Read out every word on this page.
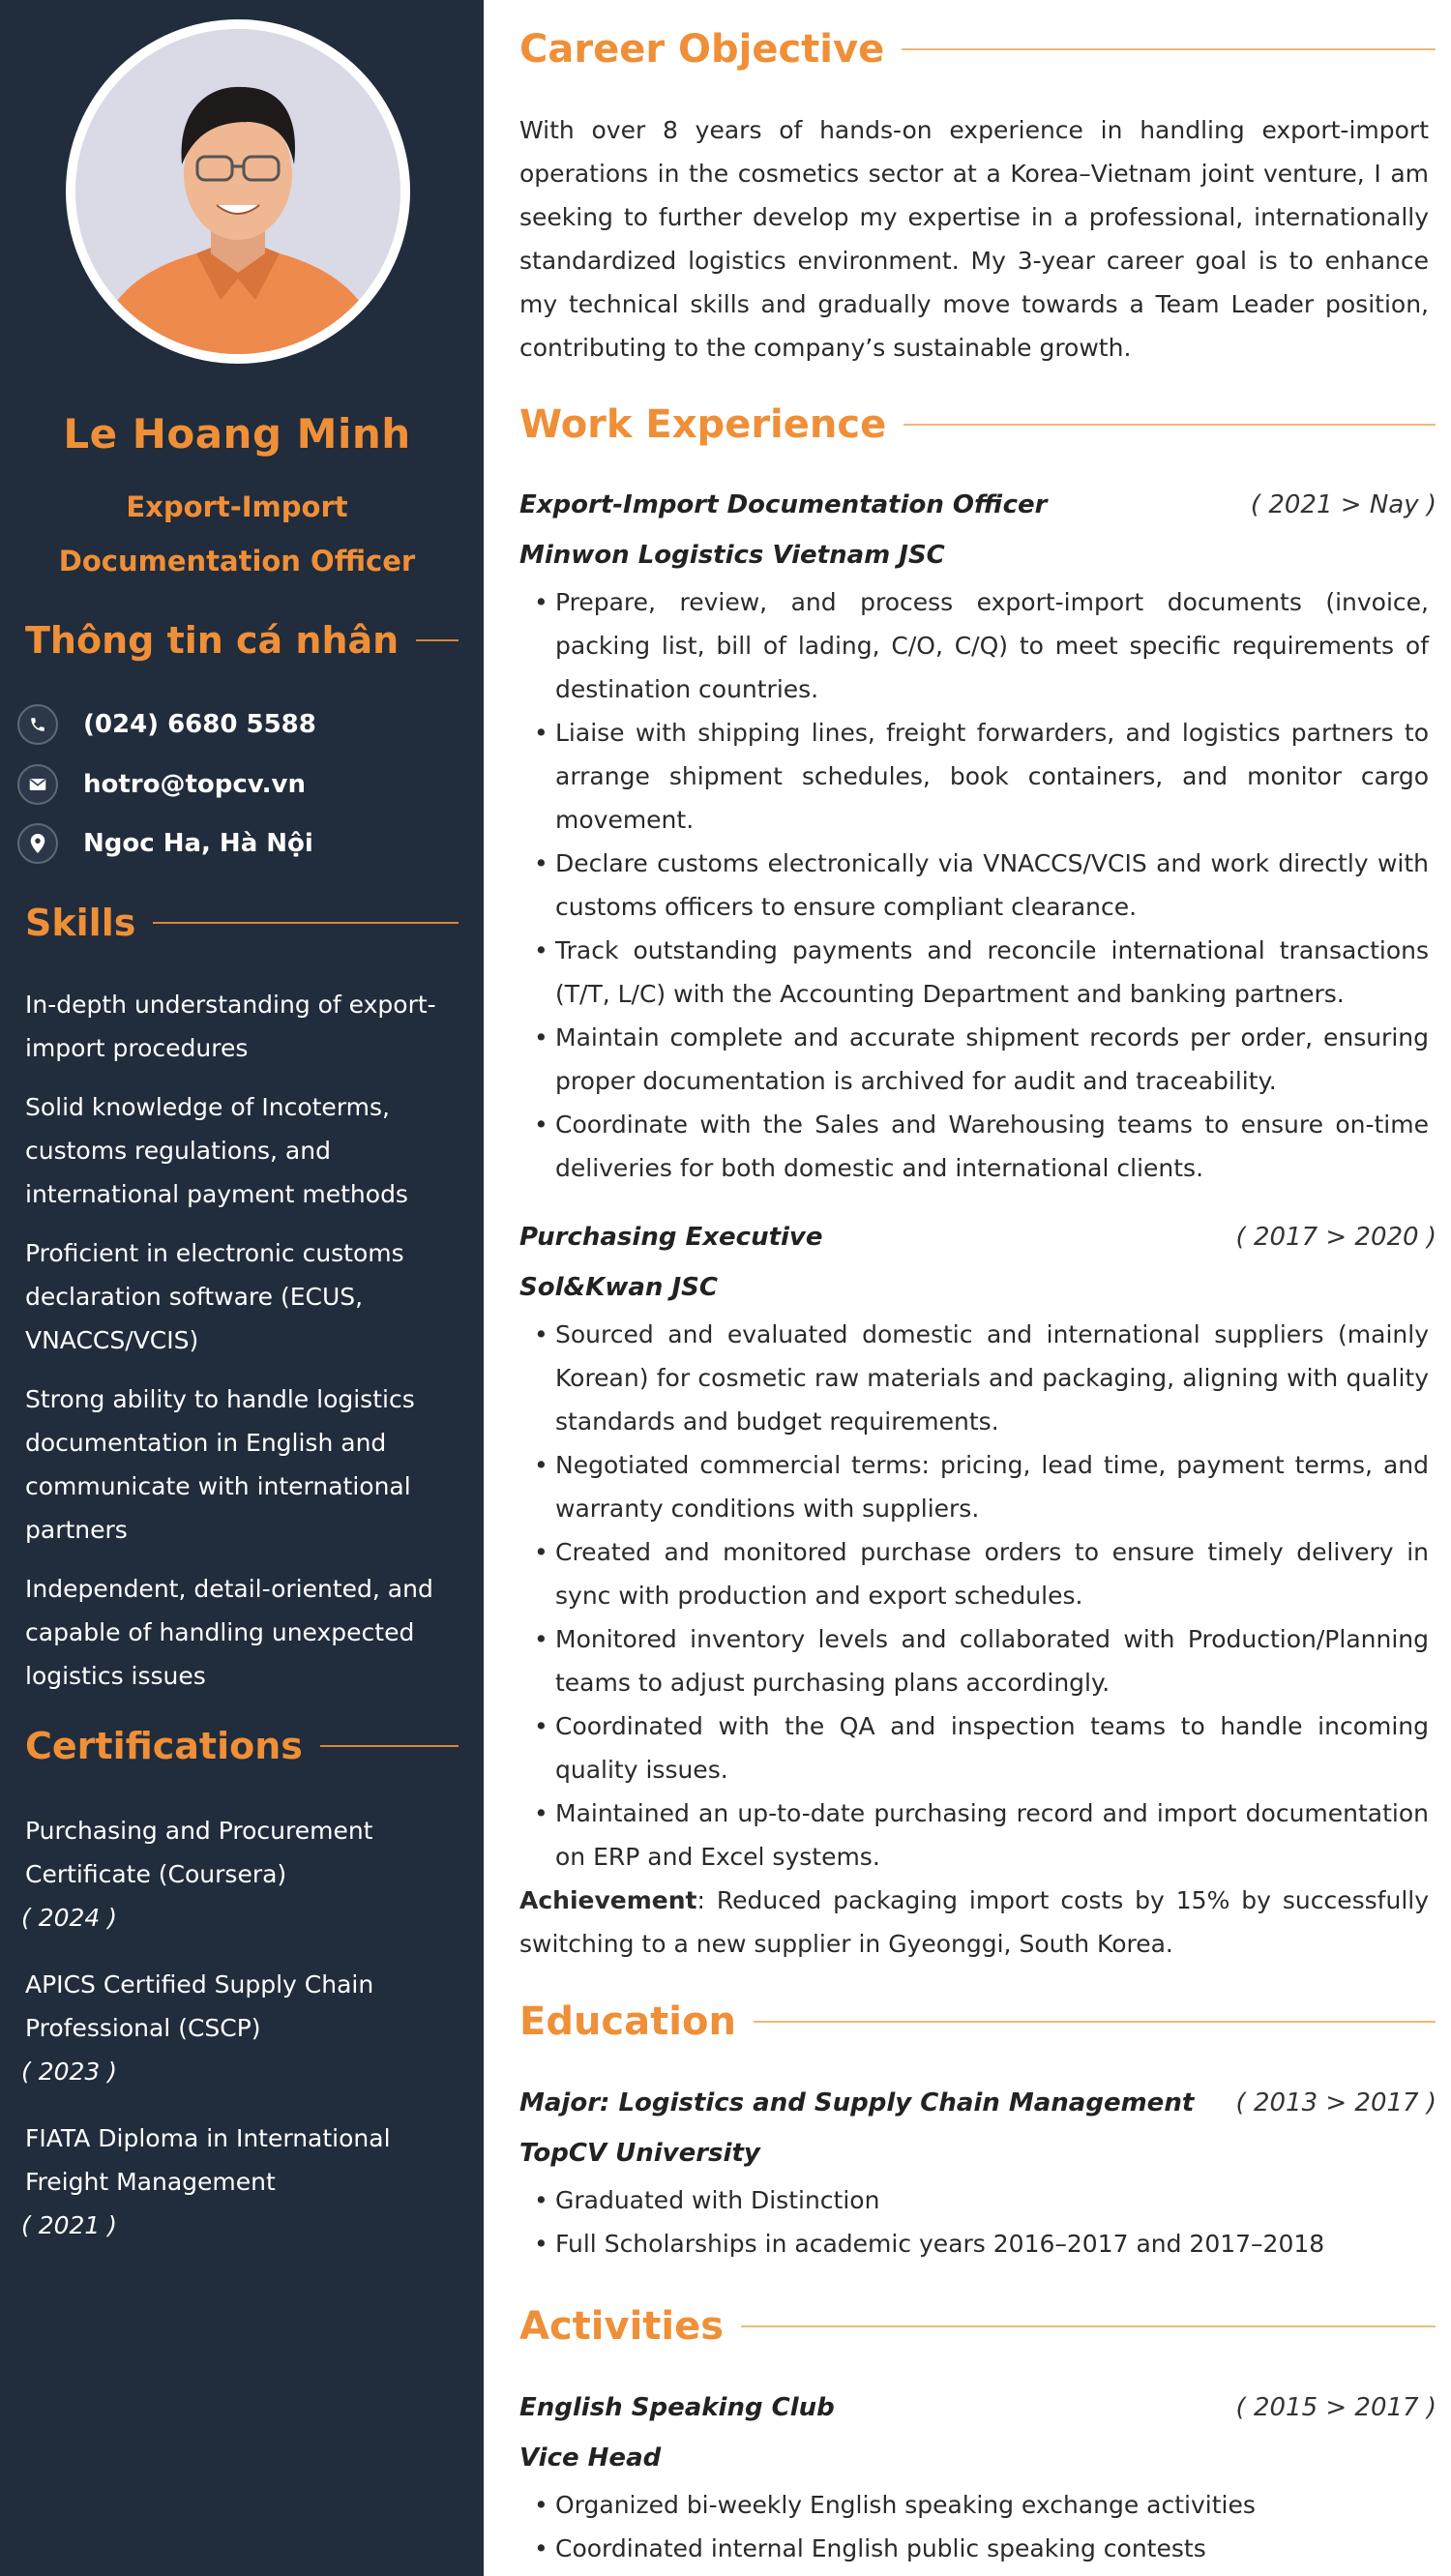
Le Hoang Minh
Export-Import
Documentation Officer
Thông tin cá nhân
(024) 6680 5588
hotro@topcv.vn
Ngoc Ha, Hà Nội
Skills
In-depth understanding of export-import procedures
Solid knowledge of Incoterms, customs regulations, and international payment methods
Proficient in electronic customs declaration software (ECUS, VNACCS/VCIS)
Strong ability to handle logistics documentation in English and communicate with international partners
Independent, detail-oriented, and capable of handling unexpected logistics issues
Certifications
Purchasing and Procurement Certificate (Coursera)
( 2024 )
APICS Certified Supply Chain Professional (CSCP)
( 2023 )
FIATA Diploma in International Freight Management
( 2021 )
Career Objective
With over 8 years of hands-on experience in handling export-import operations in the cosmetics sector at a Korea–Vietnam joint venture, I am seeking to further develop my expertise in a professional, internationally standardized logistics environment. My 3-year career goal is to enhance my technical skills and gradually move towards a Team Leader position, contributing to the company’s sustainable growth.
Work Experience
Export-Import Documentation Officer	( 2021 > Nay )
Minwon Logistics Vietnam JSC
• Prepare, review, and process export-import documents (invoice, packing list, bill of lading, C/O, C/Q) to meet specific requirements of destination countries.
• Liaise with shipping lines, freight forwarders, and logistics partners to arrange shipment schedules, book containers, and monitor cargo movement.
• Declare customs electronically via VNACCS/VCIS and work directly with customs officers to ensure compliant clearance.
• Track outstanding payments and reconcile international transactions (T/T, L/C) with the Accounting Department and banking partners.
• Maintain complete and accurate shipment records per order, ensuring proper documentation is archived for audit and traceability.
• Coordinate with the Sales and Warehousing teams to ensure on-time deliveries for both domestic and international clients.
Purchasing Executive	( 2017 > 2020 )
Sol&Kwan JSC
• Sourced and evaluated domestic and international suppliers (mainly Korean) for cosmetic raw materials and packaging, aligning with quality standards and budget requirements.
• Negotiated commercial terms: pricing, lead time, payment terms, and warranty conditions with suppliers.
• Created and monitored purchase orders to ensure timely delivery in sync with production and export schedules.
• Monitored inventory levels and collaborated with Production/Planning teams to adjust purchasing plans accordingly.
• Coordinated with the QA and inspection teams to handle incoming quality issues.
• Maintained an up-to-date purchasing record and import documentation on ERP and Excel systems.
Achievement: Reduced packaging import costs by 15% by successfully switching to a new supplier in Gyeonggi, South Korea.
Education
Major: Logistics and Supply Chain Management ( 2013 > 2017 )
TopCV University
• Graduated with Distinction
• Full Scholarships in academic years 2016–2017 and 2017–2018
Activities
English Speaking Club	( 2015 > 2017 )
Vice Head
• Organized bi-weekly English speaking exchange activities
• Coordinated internal English public speaking contests
